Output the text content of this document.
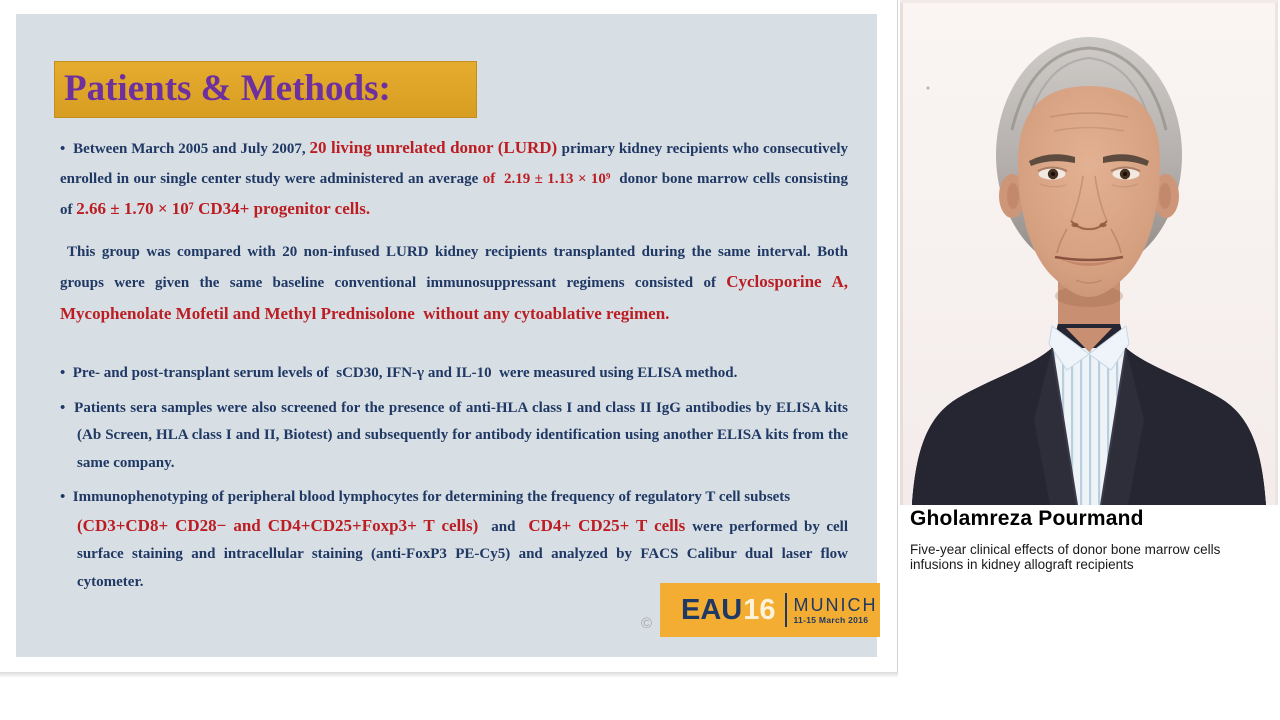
Patients & Methods:
•  Between March 2005 and July 2007, 20 living unrelated donor (LURD) primary kidney recipients who consecutively enrolled in our single center study were administered an average of  2.19 ± 1.13 × 10⁹  donor bone marrow cells consisting of 2.66 ± 1.70 × 10⁷ CD34+ progenitor cells.
This group was compared with 20 non-infused LURD kidney recipients transplanted during the same interval. Both groups were given the same baseline conventional immunosuppressant regimens consisted of Cyclosporine A, Mycophenolate Mofetil and Methyl Prednisolone  without any cytoablative regimen.
•  Pre- and post-transplant serum levels of  sCD30, IFN-γ and IL-10  were measured using ELISA method.
•  Patients sera samples were also screened for the presence of anti-HLA class I and class II IgG antibodies by ELISA kits (Ab Screen, HLA class I and II, Biotest) and subsequently for antibody identification using another ELISA kits from the same company.
•  Immunophenotyping of peripheral blood lymphocytes for determining the frequency of regulatory T cell subsets
(CD3+CD8+ CD28− and CD4+CD25+Foxp3+ T cells)  and  CD4+ CD25+ T cells were performed by cell surface staining and intracellular staining (anti-FoxP3 PE-Cy5) and analyzed by FACS Calibur dual laser flow cytometer.
© EAU 16 MUNICH
11-15 March 2016
Gholamreza Pourmand
Five-year clinical effects of donor bone marrow cells infusions in kidney allograft recipients
